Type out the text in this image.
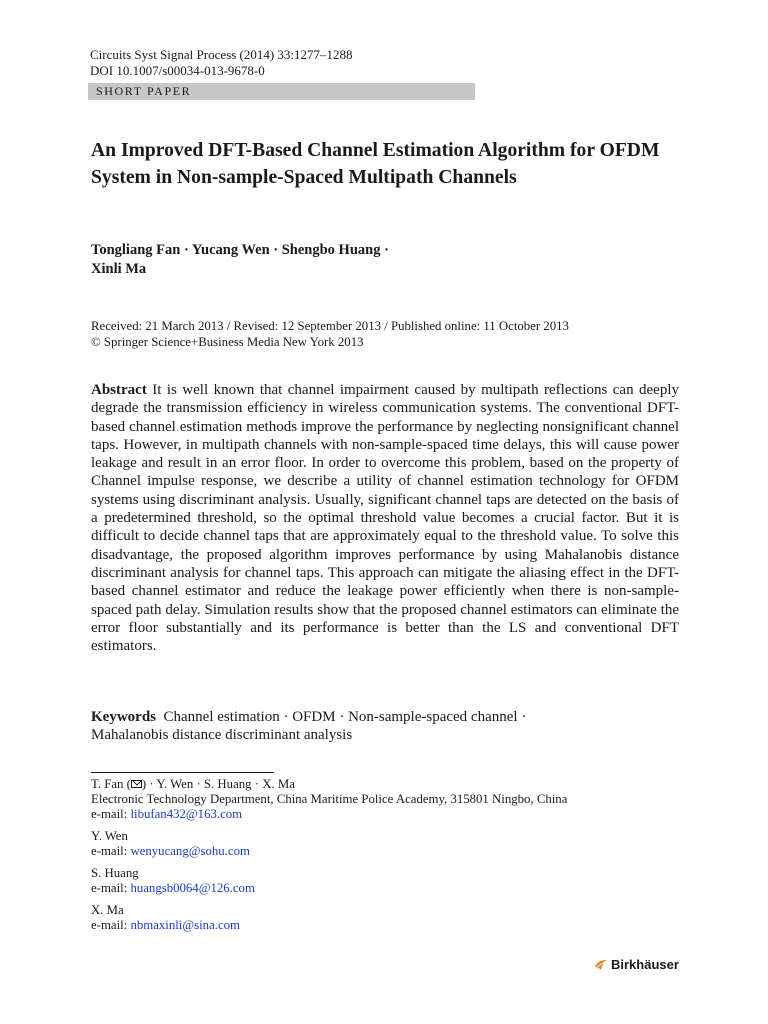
Circuits Syst Signal Process (2014) 33:1277–1288
DOI 10.1007/s00034-013-9678-0
SHORT PAPER
An Improved DFT-Based Channel Estimation Algorithm for OFDM System in Non-sample-Spaced Multipath Channels
Tongliang Fan · Yucang Wen · Shengbo Huang ·
Xinli Ma
Received: 21 March 2013 / Revised: 12 September 2013 / Published online: 11 October 2013
© Springer Science+Business Media New York 2013

Abstract It is well known that channel impairment caused by multipath reflections can deeply degrade the transmission efficiency in wireless communication systems. The conventional DFT-based channel estimation methods improve the performance by neglecting nonsignificant channel taps. However, in multipath channels with non-sample-spaced time delays, this will cause power leakage and result in an error floor. In order to overcome this problem, based on the property of Channel impulse response, we describe a utility of channel estimation technology for OFDM systems using discriminant analysis. Usually, significant channel taps are detected on the basis of a predetermined threshold, so the optimal threshold value becomes a crucial factor. But it is difficult to decide channel taps that are approximately equal to the threshold value. To solve this disadvantage, the proposed algorithm improves performance by using Mahalanobis distance discriminant analysis for channel taps. This approach can mitigate the aliasing effect in the DFT-based channel estimator and reduce the leakage power efficiently when there is non-sample-spaced path delay. Simulation results show that the proposed channel estimators can eliminate the error floor substantially and its performance is better than the LS and conventional DFT estimators.

Keywords Channel estimation · OFDM · Non-sample-spaced channel ·
Mahalanobis distance discriminant analysis
T. Fan ( ) · Y. Wen · S. Huang · X. Ma
Electronic Technology Department, China Maritime Police Academy, 315801 Ningbo, China
e-mail: libufan432@163.com
Y. Wen
e-mail: wenyucang@sohu.com
S. Huang
e-mail: huangsb0064@126.com
X. Ma
e-mail: nbmaxinli@sina.com
Birkhäuser
